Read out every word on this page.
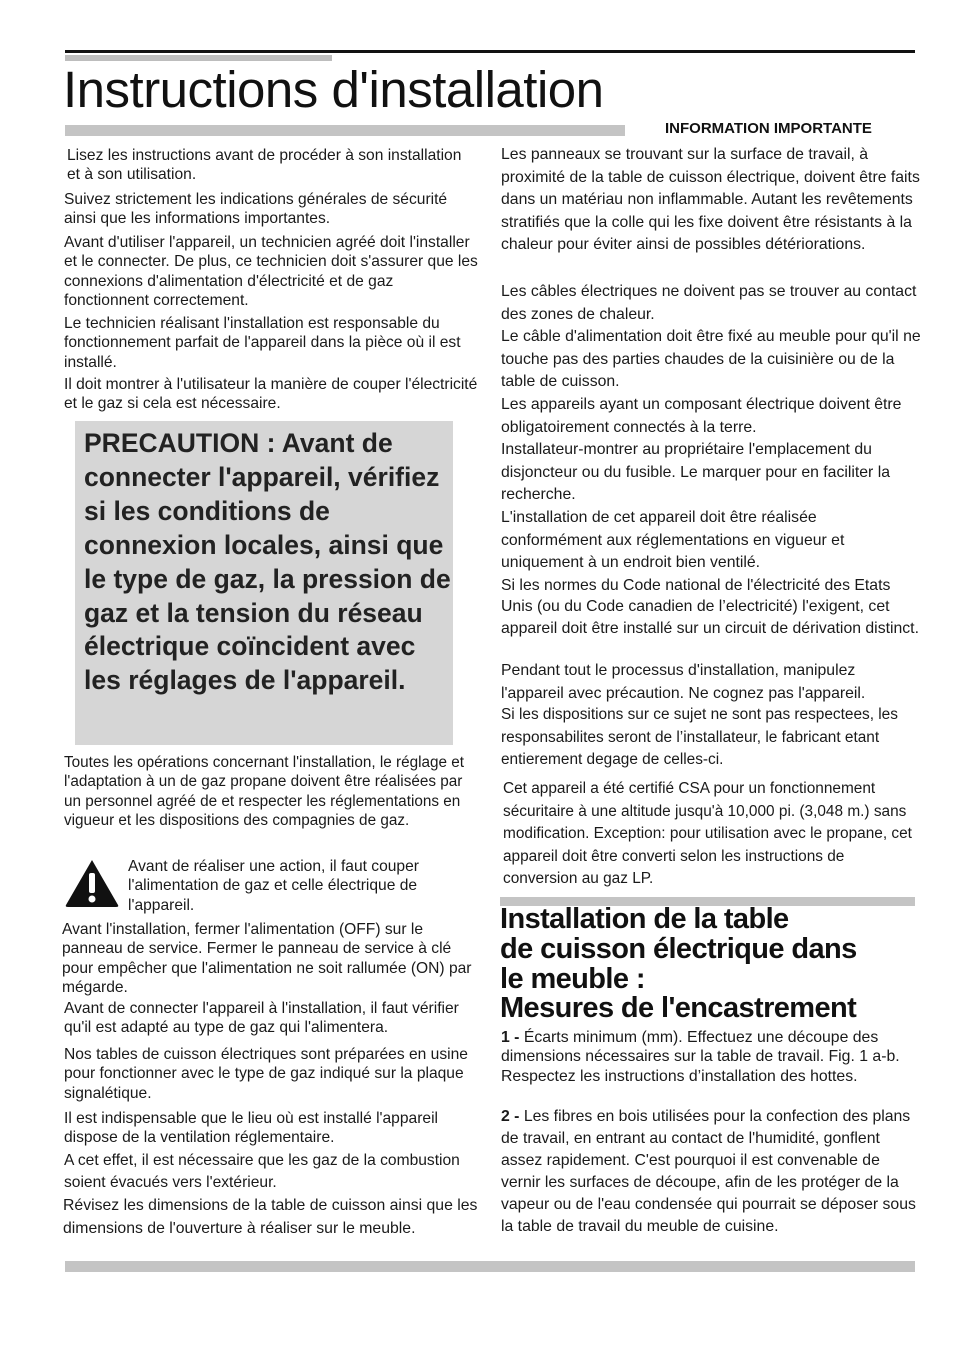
Instructions d'installation
INFORMATION IMPORTANTE

Lisez les instructions avant de procéder à son installation et à son utilisation.

Suivez strictement les indications générales de sécurité ainsi que les informations importantes.

Avant d'utiliser l'appareil, un technicien agréé doit l'installer et le connecter. De plus, ce technicien doit s'assurer que les connexions d'alimentation d'électricité et de gaz fonctionnent correctement.

Le technicien réalisant l'installation est responsable du fonctionnement parfait de l'appareil dans la pièce où il est installé.

Il doit montrer à l'utilisateur la manière de couper l'électricité et le gaz si cela est nécessaire.

PRECAUTION : Avant de connecter l'appareil, vérifiez si les conditions de connexion locales, ainsi que le type de gaz, la pression de gaz et la tension du réseau électrique coïncident avec les réglages de l'appareil.

Toutes les opérations concernant l'installation, le réglage et l'adaptation à un de gaz propane doivent être réalisées par un personnel agréé de et respecter les réglementations en vigueur et les dispositions des compagnies de gaz.

Avant de réaliser une action, il faut couper l'alimentation de gaz et celle électrique de l'appareil.

Avant l'installation, fermer l'alimentation (OFF) sur le panneau de service. Fermer le panneau de service à clé pour empêcher que l'alimentation ne soit rallumée (ON) par mégarde.

Avant de connecter l'appareil à l'installation, il faut vérifier qu'il est adapté au type de gaz qui l'alimentera.

Nos tables de cuisson électriques sont préparées en usine pour fonctionner avec le type de gaz indiqué sur la plaque signalétique.

Il est indispensable que le lieu où est installé l'appareil dispose de la ventilation réglementaire.

A cet effet, il est nécessaire que les gaz de la combustion soient évacués vers l'extérieur.

Révisez les dimensions de la table de cuisson ainsi que les dimensions de l'ouverture à réaliser sur le meuble.

Les panneaux se trouvant sur la surface de travail, à proximité de la table de cuisson électrique, doivent être faits dans un matériau non inflammable. Autant les revêtements stratifiés que la colle qui les fixe doivent être résistants à la chaleur pour éviter ainsi de possibles détériorations.

Les câbles électriques ne doivent pas se trouver au contact des zones de chaleur.

Le câble d'alimentation doit être fixé au meuble pour qu'il ne touche pas des parties chaudes de la cuisinière ou de la table de cuisson.

Les appareils ayant un composant électrique doivent être obligatoirement connectés à la terre.

Installateur-montrer au propriétaire l'emplacement du disjoncteur ou du fusible. Le marquer pour en faciliter la recherche.

L'installation de cet appareil doit être réalisée conformément aux réglementations en vigueur et uniquement à un endroit bien ventilé.

Si les normes du Code national de l'électricité des Etats Unis (ou du Code canadien de l’electricité) l'exigent, cet appareil doit être installé sur un circuit de dérivation distinct.

Pendant tout le processus d'installation, manipulez l'appareil avec précaution. Ne cognez pas l'appareil.

Si les dispositions sur ce sujet ne sont pas respectees, les responsabilites seront de l’installateur, le fabricant etant entierement degage de celles-ci.

Cet appareil a été certifié CSA pour un fonctionnement sécuritaire à une altitude jusqu'à 10,000 pi. (3,048 m.) sans modification. Exception: pour utilisation avec le propane, cet appareil doit être converti selon les instructions de conversion au gaz LP.

Installation de la table
de cuisson électrique dans
le meuble :
Mesures de l'encastrement

1 - Écarts minimum (mm). Effectuez une découpe des dimensions nécessaires sur la table de travail. Fig. 1 a-b.
Respectez les instructions d’installation des hottes.

2 - Les fibres en bois utilisées pour la confection des plans de travail, en entrant au contact de l'humidité, gonflent assez rapidement. C'est pourquoi il est convenable de vernir les surfaces de découpe, afin de les protéger de la vapeur ou de l'eau condensée qui pourrait se déposer sous la table de travail du meuble de cuisine.
